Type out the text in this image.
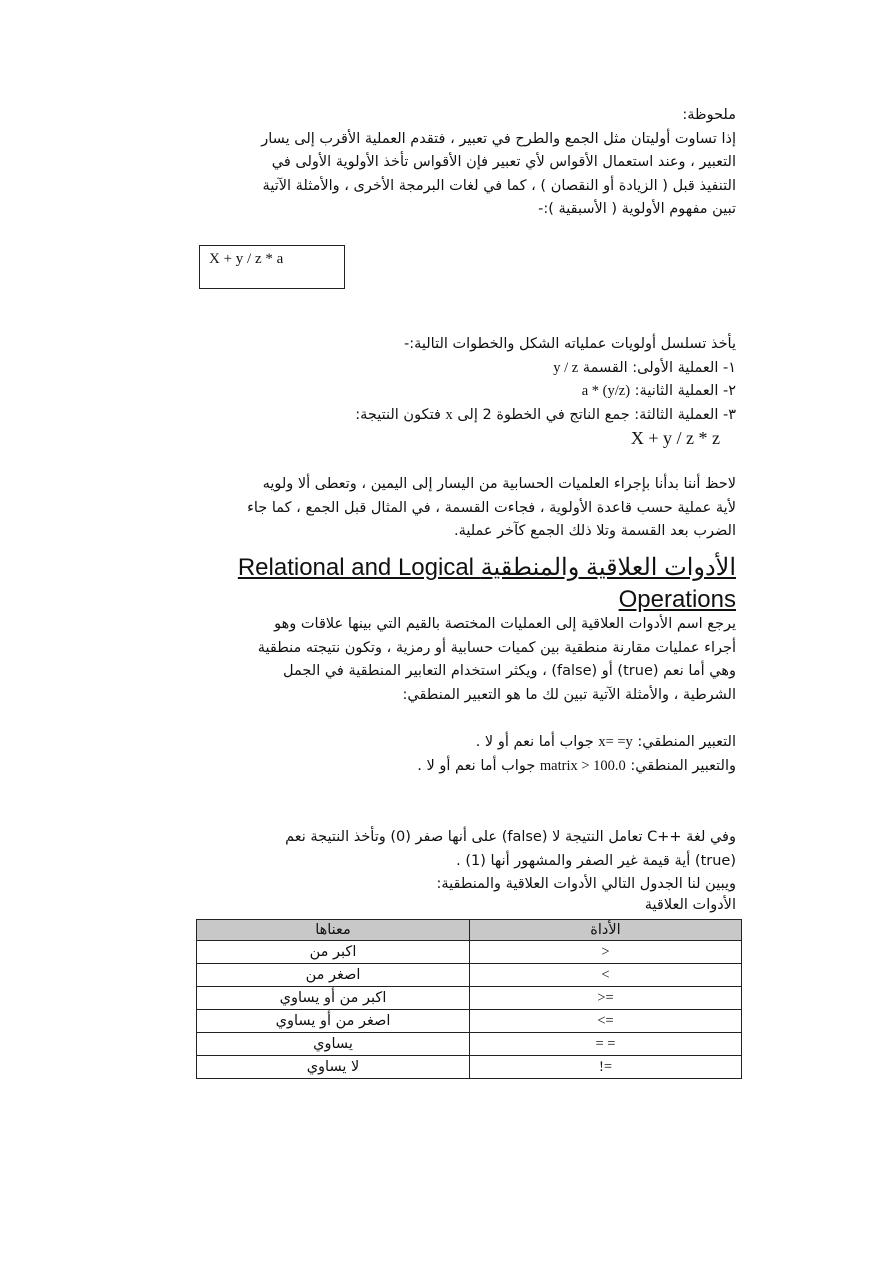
ملحوظة:

إذا تساوت أوليتان مثل الجمع والطرح في تعبير ، فتقدم العملية الأقرب إلى يسار

التعبير ، وعند استعمال الأقواس لأي تعبير فإن الأقواس تأخذ الأولوية الأولى في

التنفيذ قبل ( الزيادة أو النقصان ) ، كما في لغات البرمجة الأخرى ، والأمثلة الآتية

تبين مفهوم الأولوية ( الأسبقية ):-

X + y / z * a

يأخذ تسلسل أولويات عملياته الشكل والخطوات التالية:-

١- العملية الأولى: القسمة y / z

٢- العملية الثانية: a * (y/z)

٣- العملية الثالثة: جمع الناتج في الخطوة 2 إلى x فتكون النتيجة:

X + y / z * z

لاحظ أننا بدأنا بإجراء العلميات الحسابية من اليسار إلى اليمين ، وتعطى ألا ولويه

لأية عملية حسب قاعدة الأولوية ، فجاءت القسمة ، في المثال قبل الجمع ، كما جاء

الضرب بعد القسمة وتلا ذلك الجمع كآخر عملية.

الأدوات العلاقية والمنطقية Relational and Logical
Operations

يرجع اسم الأدوات العلاقية إلى العمليات المختصة بالقيم التي بينها علاقات وهو

أجراء عمليات مقارنة منطقية بين كميات حسابية أو رمزية ، وتكون نتيجته منطقية

وهي أما نعم (true) أو (false) ، ويكثر استخدام التعابير المنطقية في الجمل

الشرطية ، والأمثلة الآتية تبين لك ما هو التعبير المنطقي:

التعبير المنطقي: x= =y جواب أما نعم أو لا .

والتعبير المنطقي: matrix > 100.0 جواب أما نعم أو لا .

وفي لغة ++C تعامل النتيجة لا (false) على أنها صفر (0) وتأخذ النتيجة نعم

(true) أية قيمة غير الصفر والمشهور أنها (1) .

ويبين لنا الجدول التالي الأدوات العلاقية والمنطقية:

الأدوات العلاقية
معناها	الأداة
اكبر من	>
اصغر من	<
اكبر من أو يساوي	>=
اصغر من أو يساوي	<=
يساوي	= =
لا يساوي	!=
